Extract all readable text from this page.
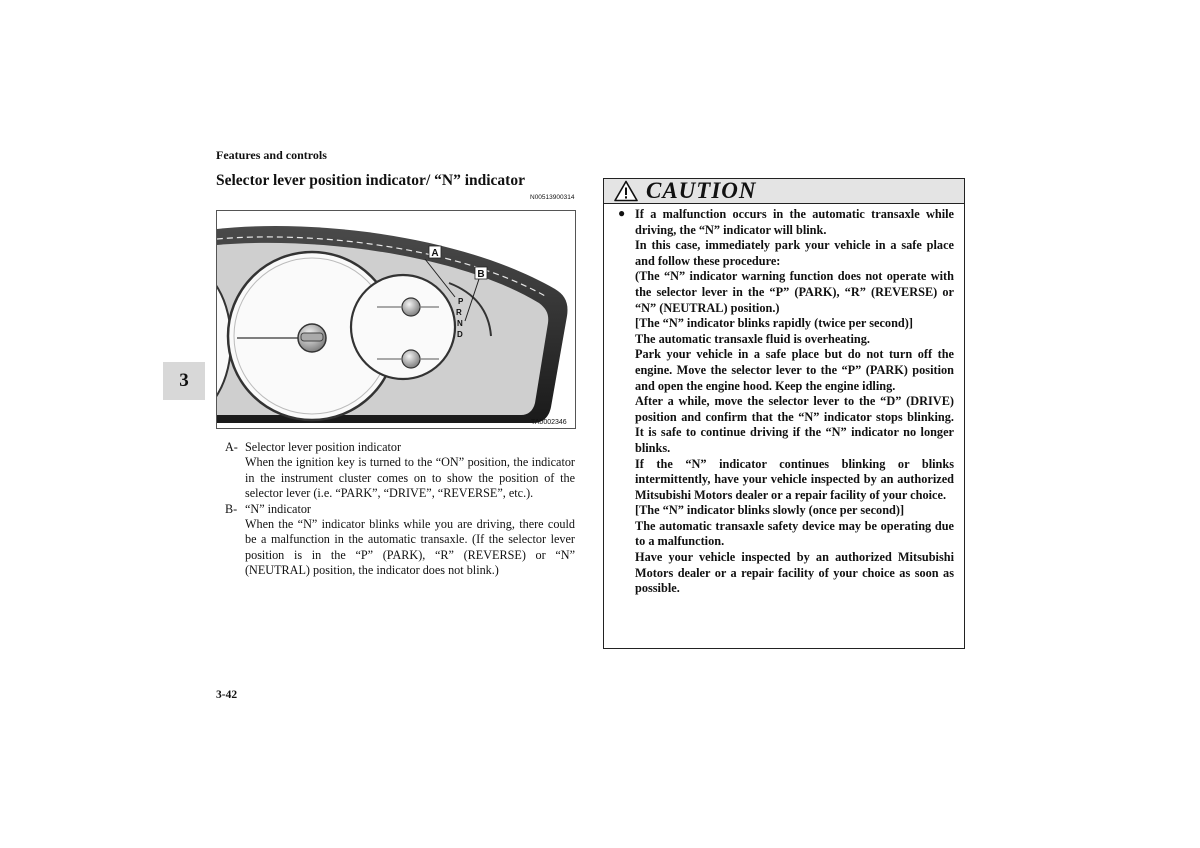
Features and controls
Selector lever position indicator/ “N” indicator
N00513900314
A
B
P
R
N
D
TA0002346
A- Selector lever position indicator
When the ignition key is turned to the “ON” position, the indicator in the instrument cluster comes on to show the position of the selector lever (i.e. “PARK”, “DRIVE”, “REVERSE”, etc.).
B- “N” indicator
When the “N” indicator blinks while you are driving, there could be a malfunction in the automatic transaxle. (If the selector lever position is in the “P” (PARK), “R” (REVERSE) or “N” (NEUTRAL) position, the indicator does not blink.)
3
3-42
CAUTION
● If a malfunction occurs in the automatic transaxle while driving, the “N” indicator will blink.

In this case, immediately park your vehicle in a safe place and follow these procedure:

(The “N” indicator warning function does not operate with the selector lever in the “P” (PARK), “R” (REVERSE) or “N” (NEUTRAL) position.)

[The “N” indicator blinks rapidly (twice per second)]

The automatic transaxle fluid is overheating.

Park your vehicle in a safe place but do not turn off the engine. Move the selector lever to the “P” (PARK) position and open the engine hood. Keep the engine idling.

After a while, move the selector lever to the “D” (DRIVE) position and confirm that the “N” indicator stops blinking. It is safe to continue driving if the “N” indicator no longer blinks.

If the “N” indicator continues blinking or blinks intermittently, have your vehicle inspected by an authorized Mitsubishi Motors dealer or a repair facility of your choice.

[The “N” indicator blinks slowly (once per second)]

The automatic transaxle safety device may be operating due to a malfunction.

Have your vehicle inspected by an authorized Mitsubishi Motors dealer or a repair facility of your choice as soon as possible.
